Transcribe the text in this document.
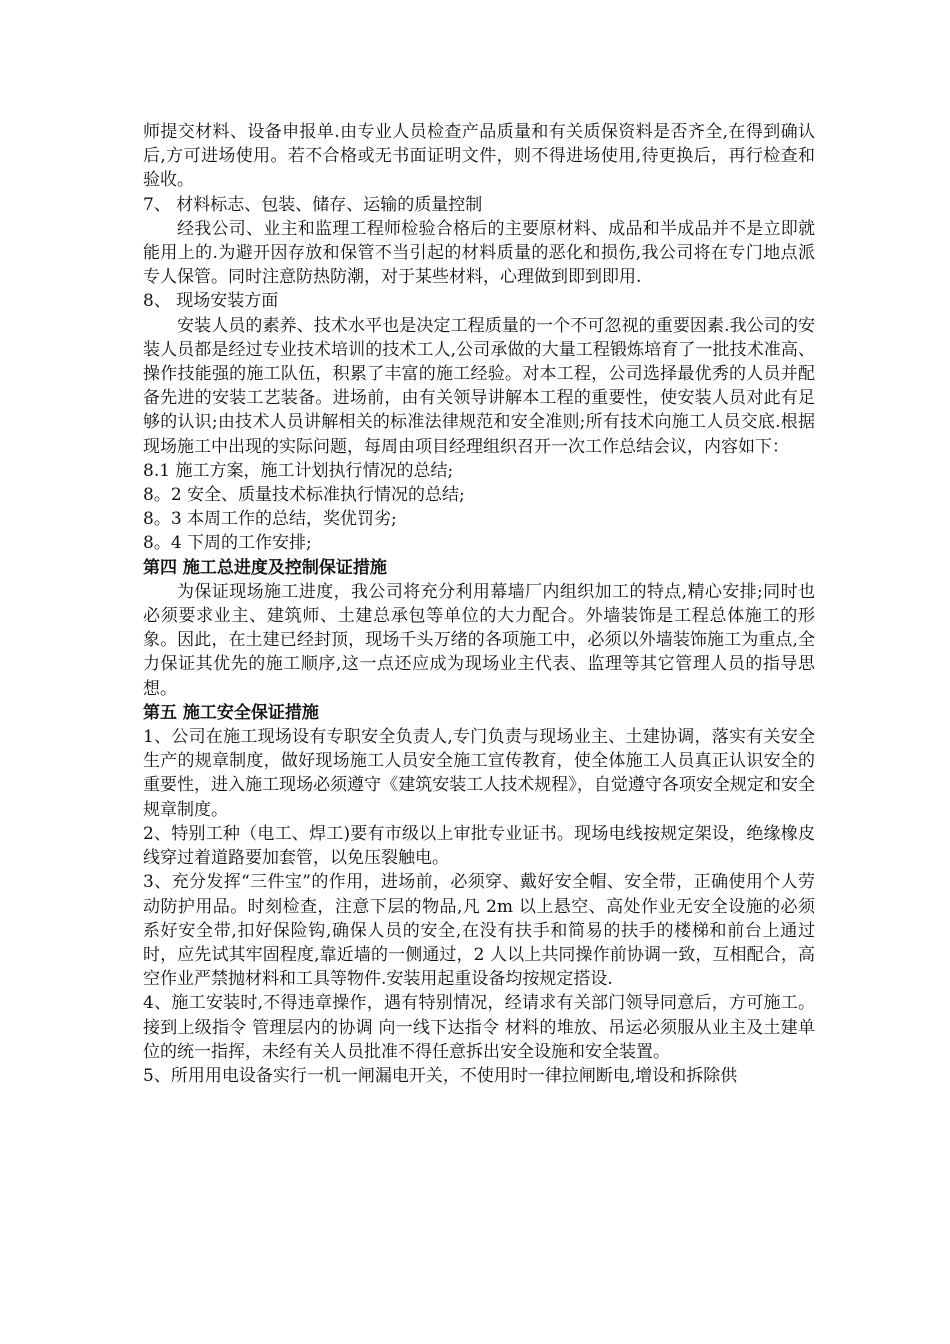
师提交材料、设备申报单.由专业人员检查产品质量和有关质保资料是否齐全,在得到确认后,方可进场使用。若不合格或无书面证明文件，则不得进场使用,待更换后，再行检查和验收。

7、 材料标志、包装、储存、运输的质量控制

经我公司、业主和监理工程师检验合格后的主要原材料、成品和半成品并不是立即就能用上的.为避开因存放和保管不当引起的材料质量的恶化和损伤,我公司将在专门地点派专人保管。同时注意防热防潮，对于某些材料，心理做到即到即用.

8、 现场安装方面

安装人员的素养、技术水平也是决定工程质量的一个不可忽视的重要因素.我公司的安装人员都是经过专业技术培训的技术工人,公司承做的大量工程锻炼培育了一批技术准高、操作技能强的施工队伍，积累了丰富的施工经验。对本工程，公司选择最优秀的人员并配备先进的安装工艺装备。进场前，由有关领导讲解本工程的重要性，使安装人员对此有足够的认识;由技术人员讲解相关的标准法律规范和安全准则;所有技术向施工人员交底.根据现场施工中出现的实际问题，每周由项目经理组织召开一次工作总结会议，内容如下：

8.1 施工方案，施工计划执行情况的总结;

8。2 安全、质量技术标准执行情况的总结;

8。3 本周工作的总结，奖优罚劣;

8。4 下周的工作安排;

第四 施工总进度及控制保证措施

为保证现场施工进度，我公司将充分利用幕墙厂内组织加工的特点,精心安排;同时也必须要求业主、建筑师、土建总承包等单位的大力配合。外墙装饰是工程总体施工的形象。因此，在土建已经封顶，现场千头万绪的各项施工中，必须以外墙装饰施工为重点,全力保证其优先的施工顺序,这一点还应成为现场业主代表、监理等其它管理人员的指导思想。

第五 施工安全保证措施

1、公司在施工现场设有专职安全负责人,专门负责与现场业主、土建协调，落实有关安全生产的规章制度，做好现场施工人员安全施工宣传教育，使全体施工人员真正认识安全的重要性，进入施工现场必须遵守《建筑安装工人技术规程》，自觉遵守各项安全规定和安全规章制度。

2、特别工种（电工、焊工)要有市级以上审批专业证书。现场电线按规定架设，绝缘橡皮线穿过着道路要加套管，以免压裂触电。

3、充分发挥“三件宝”的作用，进场前，必须穿、戴好安全帽、安全带，正确使用个人劳动防护用品。时刻检查，注意下层的物品,凡 2m 以上悬空、高处作业无安全设施的必须系好安全带,扣好保险钩,确保人员的安全,在没有扶手和简易的扶手的楼梯和前台上通过时，应先试其牢固程度,靠近墙的一侧通过，2 人以上共同操作前协调一致，互相配合，高空作业严禁抛材料和工具等物件.安装用起重设备均按规定搭设.

4、施工安装时,不得违章操作，遇有特别情况，经请求有关部门领导同意后，方可施工。接到上级指令 管理层内的协调 向一线下达指令 材料的堆放、吊运必须服从业主及土建单位的统一指挥，未经有关人员批准不得任意拆出安全设施和安全装置。

5、所用用电设备实行一机一闸漏电开关，不使用时一律拉闸断电,增设和拆除供
